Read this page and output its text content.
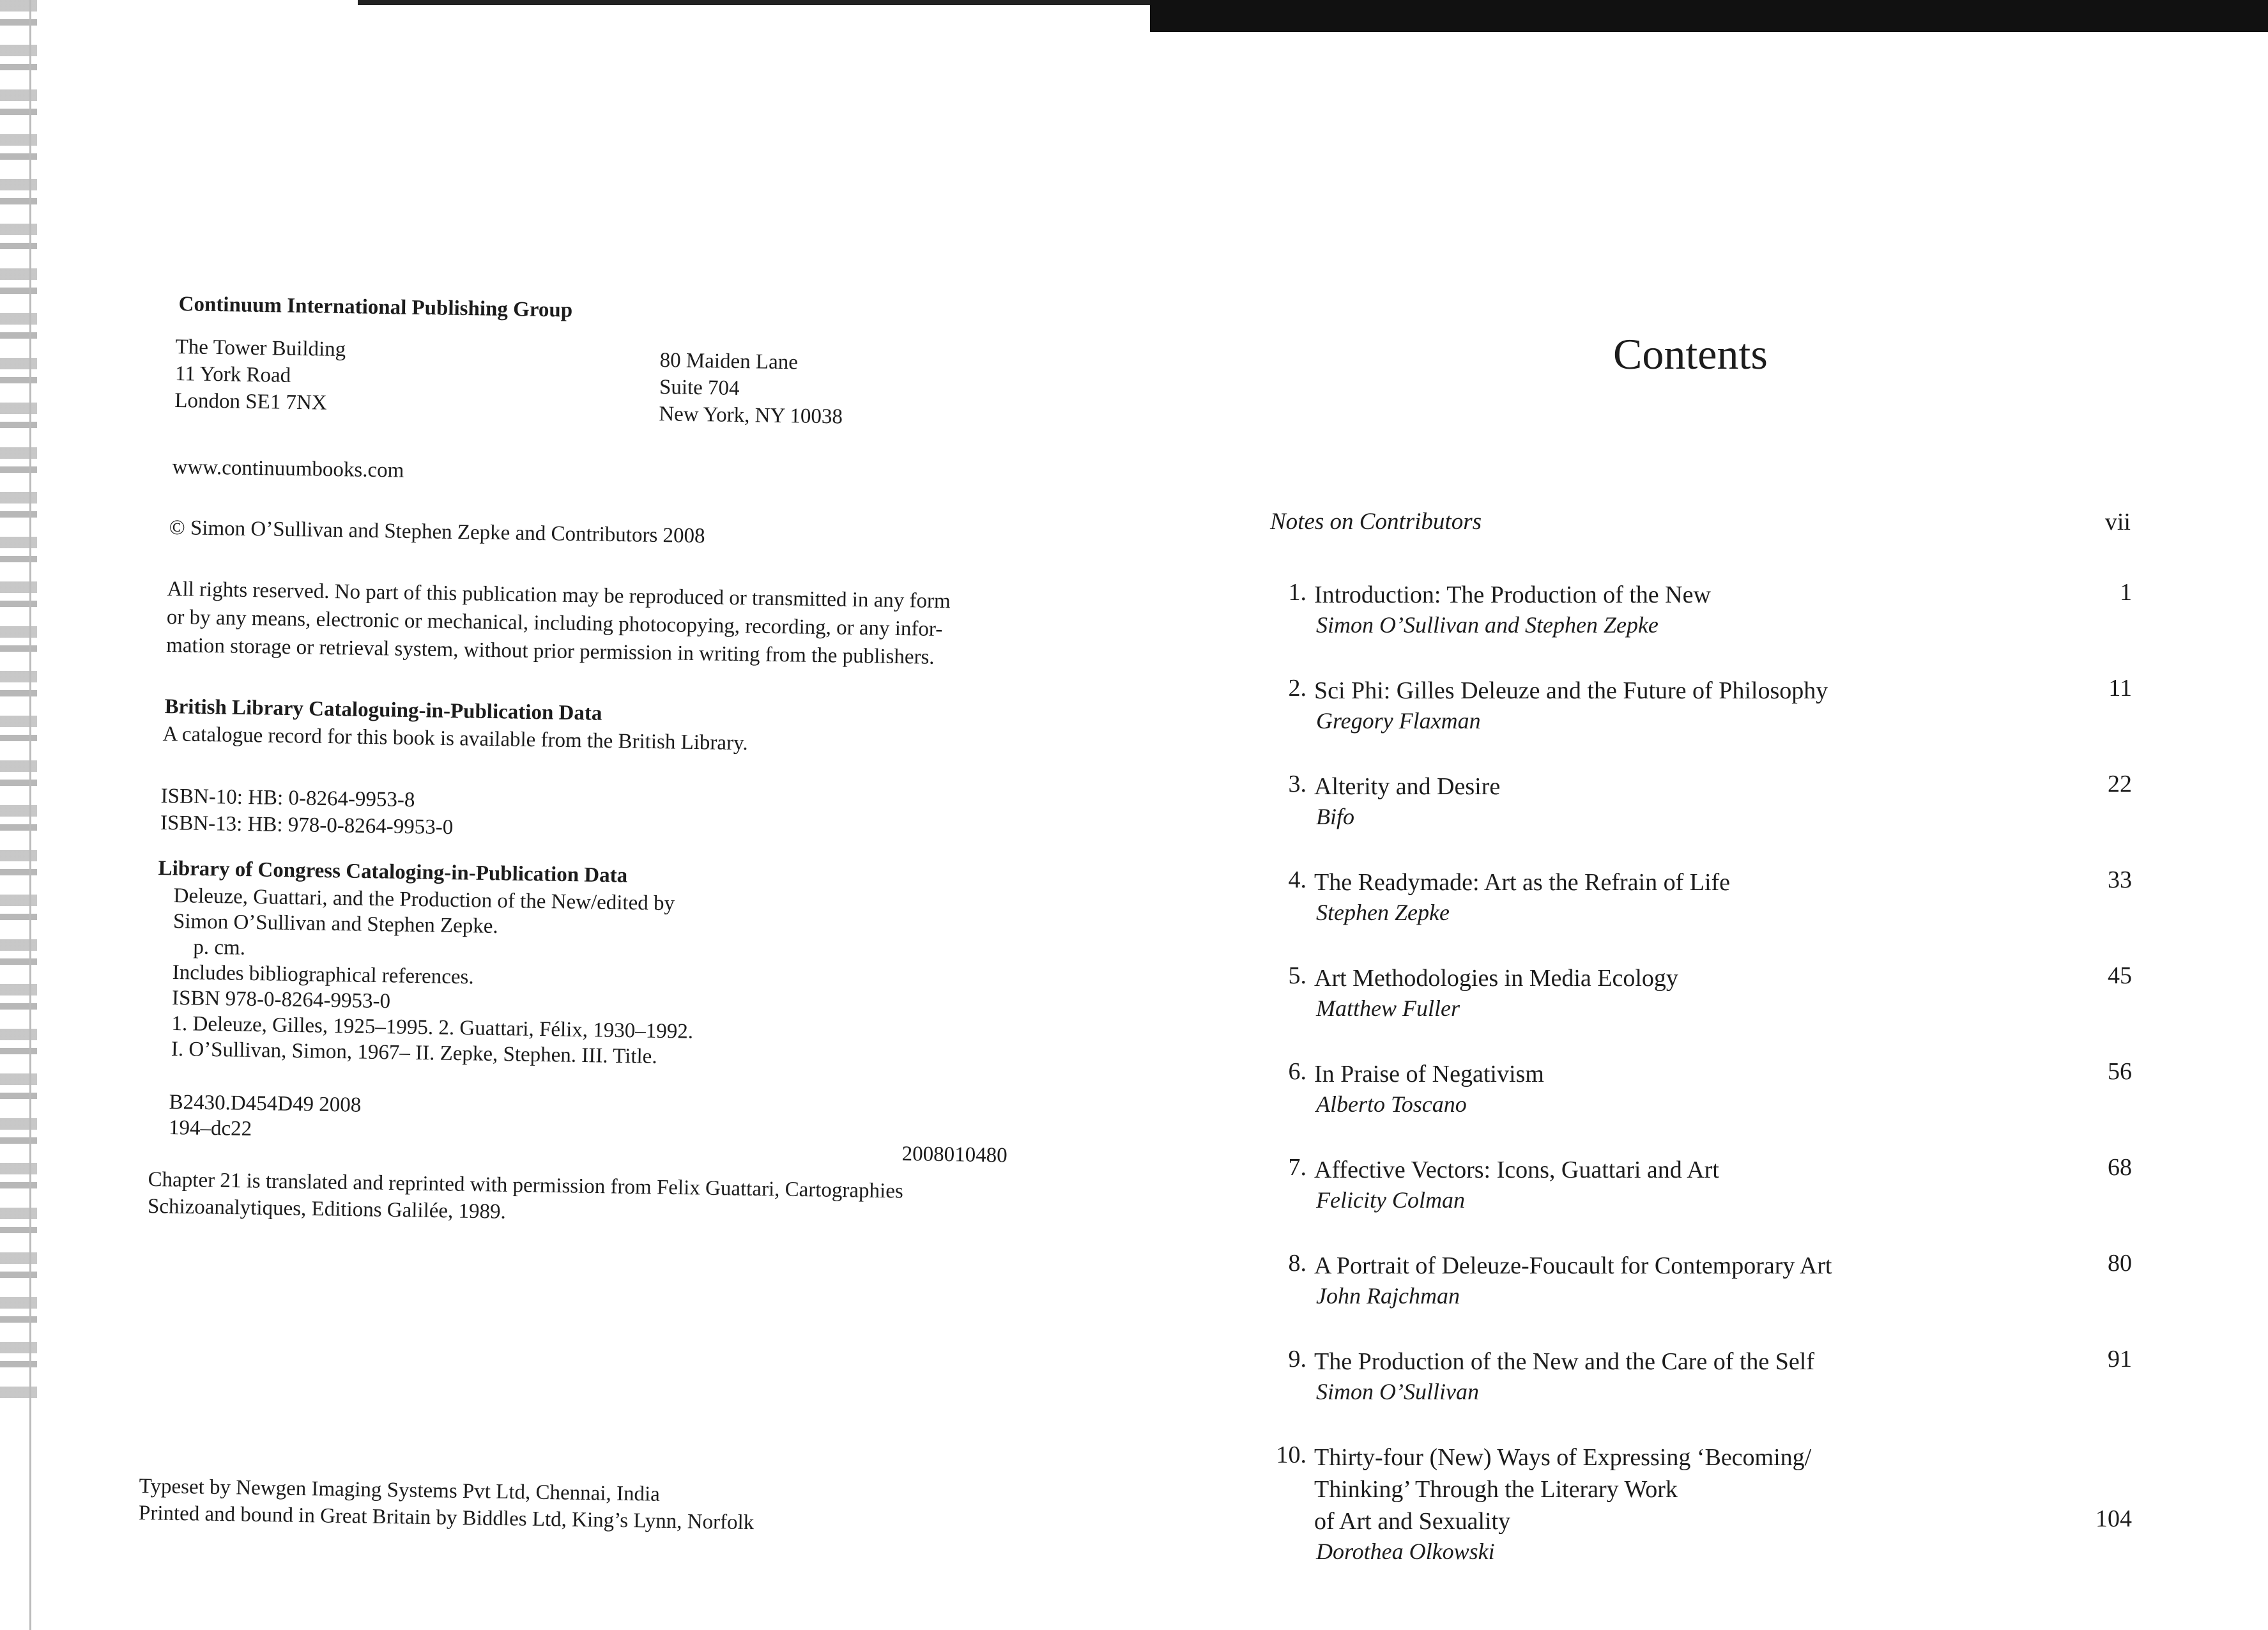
Continuum International Publishing Group
The Tower Building
11 York Road
London SE1 7NX
80 Maiden Lane
Suite 704
New York, NY 10038
www.continuumbooks.com
© Simon O’Sullivan and Stephen Zepke and Contributors 2008
All rights reserved. No part of this publication may be reproduced or transmitted in any form
or by any means, electronic or mechanical, including photocopying, recording, or any infor-
mation storage or retrieval system, without prior permission in writing from the publishers.
British Library Cataloguing-in-Publication Data
A catalogue record for this book is available from the British Library.
ISBN-10: HB: 0-8264-9953-8
ISBN-13: HB: 978-0-8264-9953-0
Library of Congress Cataloging-in-Publication Data
Deleuze, Guattari, and the Production of the New/edited by
Simon O’Sullivan and Stephen Zepke.
p. cm.
Includes bibliographical references.
ISBN 978-0-8264-9953-0
1. Deleuze, Gilles, 1925–1995. 2. Guattari, Félix, 1930–1992.
I. O’Sullivan, Simon, 1967– II. Zepke, Stephen. III. Title.
B2430.D454D49 2008
194–dc22
2008010480
Chapter 21 is translated and reprinted with permission from Felix Guattari, Cartographies
Schizoanalytiques, Editions Galilée, 1989.
Typeset by Newgen Imaging Systems Pvt Ltd, Chennai, India
Printed and bound in Great Britain by Biddles Ltd, King’s Lynn, Norfolk
Contents
Notes on Contributors	vii
1. Introduction: The Production of the New
Simon O’Sullivan and Stephen Zepke
1
2. Sci Phi: Gilles Deleuze and the Future of Philosophy
Gregory Flaxman
11
3. Alterity and Desire
Bifo
22
4. The Readymade: Art as the Refrain of Life
Stephen Zepke
33
5. Art Methodologies in Media Ecology
Matthew Fuller
45
6. In Praise of Negativism
Alberto Toscano
56
7. Affective Vectors: Icons, Guattari and Art
Felicity Colman
68
8. A Portrait of Deleuze-Foucault for Contemporary Art
John Rajchman
80
9. The Production of the New and the Care of the Self
Simon O’Sullivan
91
10. Thirty-four (New) Ways of Expressing ‘Becoming/
Thinking’ Through the Literary Work
of Art and Sexuality
Dorothea Olkowski
104
